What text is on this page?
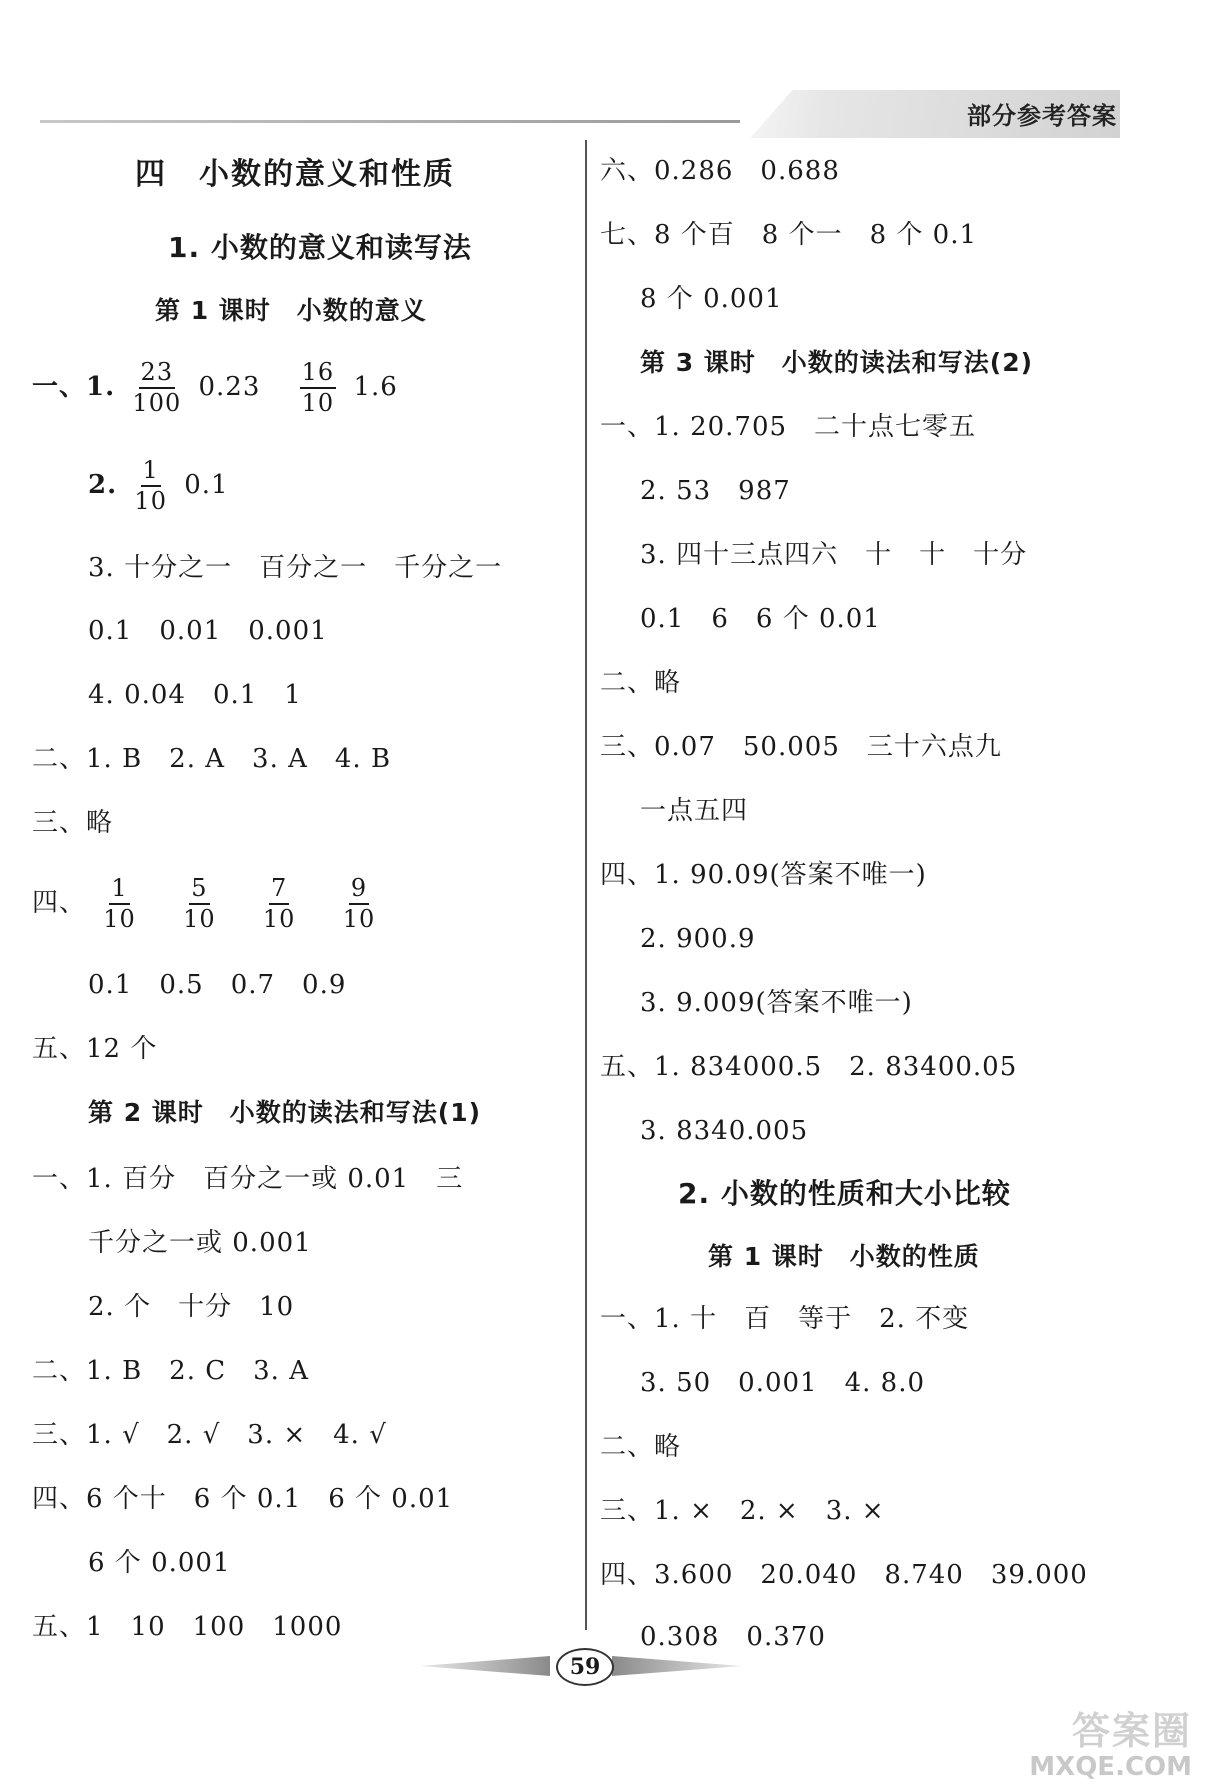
部分参考答案
四　小数的意义和性质
1. 小数的意义和读写法
第 1 课时　小数的意义
一、1. $\frac{23}{100} 0.23 \frac{16}{10} 1.6$
2. $\frac{1}{10} 0.1$
3. 十分之一　百分之一　千分之一
0.1　0.01　0.001
4. 0.04　0.1　1
二、1. B　2. A　3. A　4. B
三、略
四、 $\frac{1}{10}$
$\frac{5}{10}$
$\frac{7}{10}$
$\frac{9}{10}$
0.1　0.5　0.7　0.9
五、12 个
第 2 课时　小数的读法和写法(1)
一、1. 百分　百分之一或 0.01　三
千分之一或 0.001
2. 个　十分　10
二、1. B　2. C　3. A
三、1. √　2. √　3. ×　4. √
四、6 个十　6 个 0.1　6 个 0.01
6 个 0.001
五、1　10　100　1000
六、0.286　0.688
七、8 个百　8 个一　8 个 0.1
8 个 0.001
第 3 课时　小数的读法和写法(2)
一、1. 20.705　二十点七零五
2. 53　987
3. 四十三点四六　十　十　十分
0.1　6　6 个 0.01
二、略
三、0.07　50.005　三十六点九
一点五四
四、1. 90.09(答案不唯一)
2. 900.9
3. 9.009(答案不唯一)
五、1. 834000.5　2. 83400.05
3. 8340.005
2. 小数的性质和大小比较
第 1 课时　小数的性质
一、1. 十　百　等于　2. 不变
3. 50　0.001　4. 8.0
二、略
三、1. ×　2. ×　3. ×
四、3.600　20.040　8.740　39.000
0.308　0.370
59
答案圈
MXQE.COM
